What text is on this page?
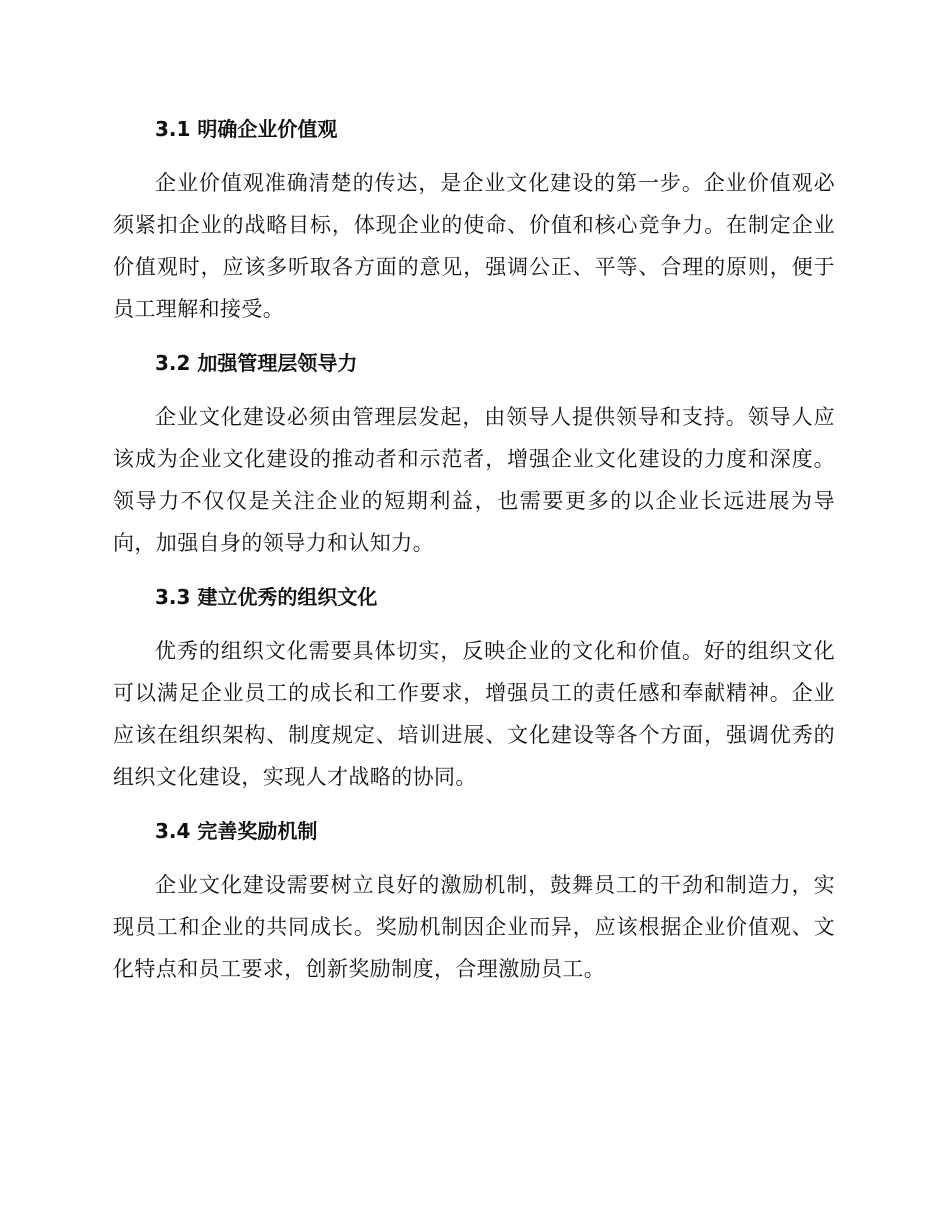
3.1 明确企业价值观

企业价值观准确清楚的传达，是企业文化建设的第一步。企业价值观必须紧扣企业的战略目标，体现企业的使命、价值和核心竞争力。在制定企业价值观时，应该多听取各方面的意见，强调公正、平等、合理的原则，便于员工理解和接受。

3.2 加强管理层领导力

企业文化建设必须由管理层发起，由领导人提供领导和支持。领导人应该成为企业文化建设的推动者和示范者，增强企业文化建设的力度和深度。领导力不仅仅是关注企业的短期利益，也需要更多的以企业长远进展为导向，加强自身的领导力和认知力。

3.3 建立优秀的组织文化

优秀的组织文化需要具体切实，反映企业的文化和价值。好的组织文化可以满足企业员工的成长和工作要求，增强员工的责任感和奉献精神。企业应该在组织架构、制度规定、培训进展、文化建设等各个方面，强调优秀的组织文化建设，实现人才战略的协同。

3.4 完善奖励机制

企业文化建设需要树立良好的激励机制，鼓舞员工的干劲和制造力，实现员工和企业的共同成长。奖励机制因企业而异，应该根据企业价值观、文化特点和员工要求，创新奖励制度，合理激励员工。
